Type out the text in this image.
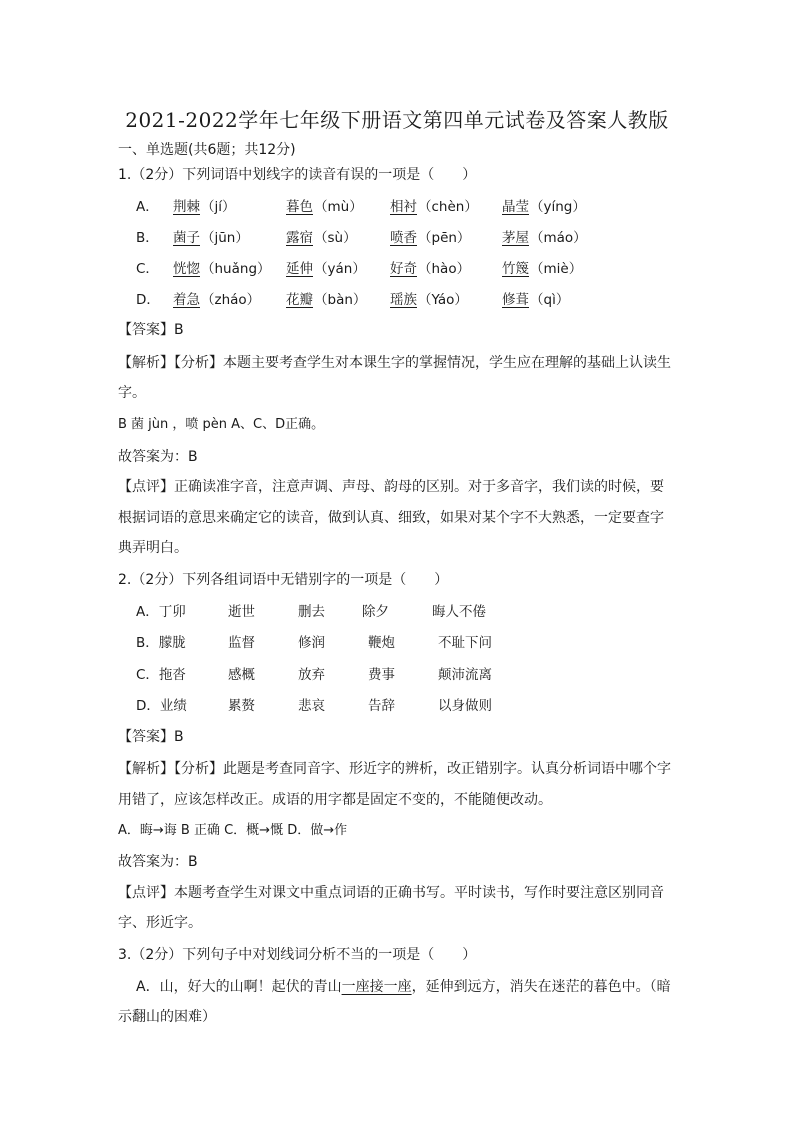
2021-2022学年七年级下册语文第四单元试卷及答案人教版
一、单选题(共6题；共12分)
1.（2分）下列词语中划线字的读音有误的一项是（　　）
A． 荆棘 （jí）	暮色 （mù） 相衬 （chèn） 晶莹 （yíng）
B． 菌子 （jūn）	露宿 （sù） 喷香 （pēn） 茅屋 （máo）
C． 恍惚 （huǎng） 延伸 （yán） 好奇 （hào） 竹篾 （miè）
D． 着急 （zháo） 花瓣 （bàn） 瑶族 （Yáo）	修葺 （qì）
【答案】B
【解析】【分析】本题主要考查学生对本课生字的掌握情况，学生应在理解的基础上认读生
字。
B 菌 jùn ，喷 pèn A、C、D正确。
故答案为：B
【点评】正确读准字音，注意声调、声母、韵母的区别。对于多音字，我们读的时候，要
根据词语的意思来确定它的读音，做到认真、细致，如果对某个字不大熟悉，一定要查字
典弄明白。
2.（2分）下列各组词语中无错别字的一项是（　　）
A．丁卯	逝世	删去	除夕	晦人不倦
B．朦胧	监督	修润	鞭炮	不耻下问
C．拖沓	感概	放弃	费事	颠沛流离
D．业绩	累赘	悲哀	告辞	以身做则
【答案】B
【解析】【分析】此题是考查同音字、形近字的辨析，改正错别字。认真分析词语中哪个字
用错了，应该怎样改正。成语的用字都是固定不变的，不能随便改动。
A．晦→诲 B 正确 C．概→慨 D．做→作
故答案为：B
【点评】本题考查学生对课文中重点词语的正确书写。平时读书，写作时要注意区别同音
字、形近字。
3.（2分）下列句子中对划线词分析不当的一项是（　　）
A．山，好大的山啊！起伏的青山一座接一座，延伸到远方，消失在迷茫的暮色中。（暗
示翻山的困难）
